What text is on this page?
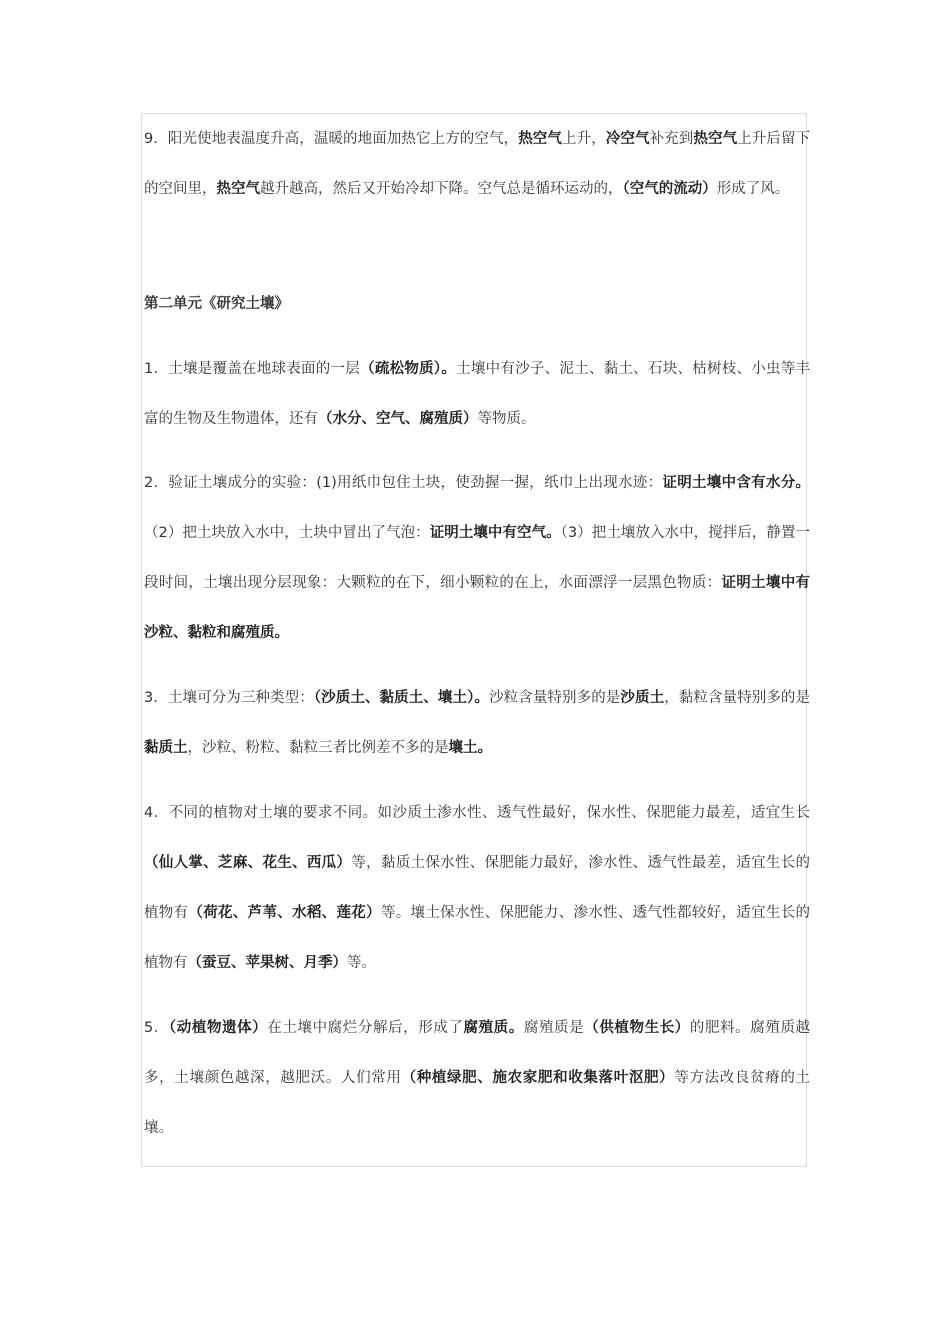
9．阳光使地表温度升高，温暖的地面加热它上方的空气，热空气上升，冷空气补充到热空气上升后留下的空间里，热空气越升越高，然后又开始冷却下降。空气总是循环运动的，（空气的流动）形成了风。

第二单元《研究土壤》

1．土壤是覆盖在地球表面的一层（疏松物质）。土壤中有沙子、泥土、黏土、石块、枯树枝、小虫等丰富的生物及生物遗体，还有（水分、空气、腐殖质）等物质。

2．验证土壤成分的实验：(1)用纸巾包住土块，使劲握一握，纸巾上出现水迹：证明土壤中含有水分。（2）把土块放入水中，土块中冒出了气泡：证明土壤中有空气。（3）把土壤放入水中，搅拌后，静置一段时间，土壤出现分层现象：大颗粒的在下，细小颗粒的在上，水面漂浮一层黑色物质：证明土壤中有沙粒、黏粒和腐殖质。

3．土壤可分为三种类型：（沙质土、黏质土、壤土）。沙粒含量特别多的是沙质土，黏粒含量特别多的是黏质土，沙粒、粉粒、黏粒三者比例差不多的是壤土。

4．不同的植物对土壤的要求不同。如沙质土渗水性、透气性最好，保水性、保肥能力最差，适宜生长（仙人掌、芝麻、花生、西瓜）等，黏质土保水性、保肥能力最好，渗水性、透气性最差，适宜生长的植物有（荷花、芦苇、水稻、莲花）等。壤土保水性、保肥能力、渗水性、透气性都较好，适宜生长的植物有（蚕豆、苹果树、月季）等。

5．（动植物遗体）在土壤中腐烂分解后，形成了腐殖质。腐殖质是（供植物生长）的肥料。腐殖质越多，土壤颜色越深，越肥沃。人们常用（种植绿肥、施农家肥和收集落叶沤肥）等方法改良贫瘠的土壤。
